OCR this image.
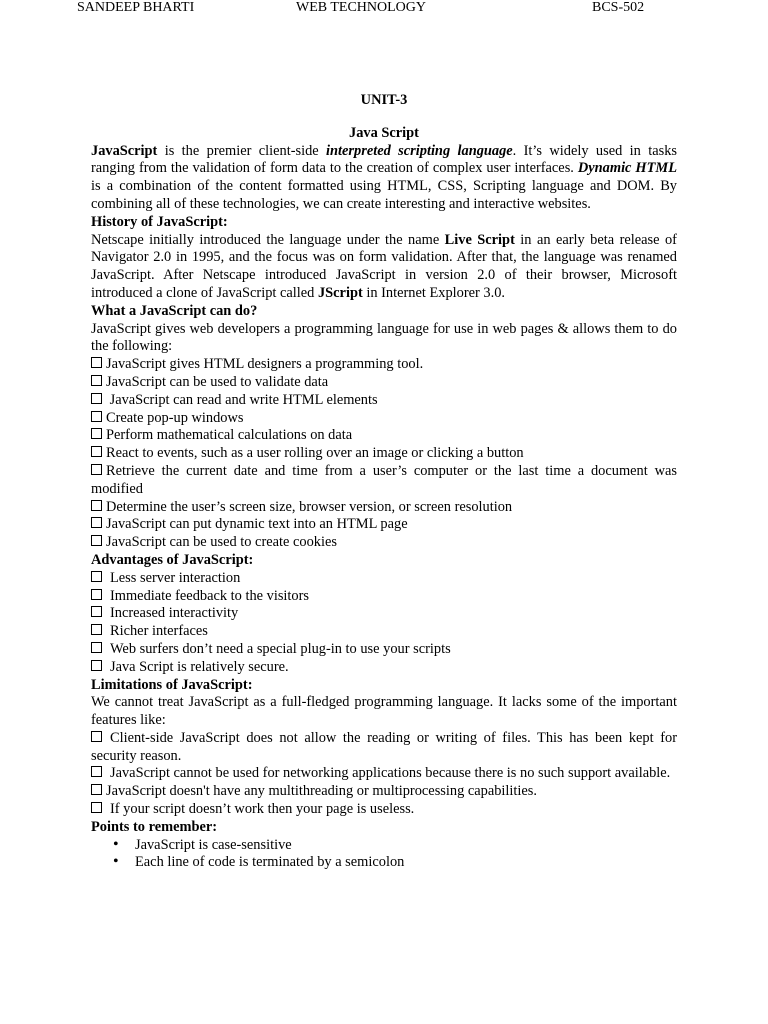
SANDEEP BHARTI	WEB TECHNOLOGY	BCS-502
UNIT-3
Java Script

JavaScript is the premier client-side interpreted scripting language. It’s widely used in tasks ranging from the validation of form data to the creation of complex user interfaces. Dynamic HTML is a combination of the content formatted using HTML, CSS, Scripting language and DOM. By combining all of these technologies, we can create interesting and interactive websites.

History of JavaScript:

Netscape initially introduced the language under the name Live Script in an early beta release of Navigator 2.0 in 1995, and the focus was on form validation. After that, the language was renamed JavaScript. After Netscape introduced JavaScript in version 2.0 of their browser, Microsoft introduced a clone of JavaScript called JScript in Internet Explorer 3.0.

What a JavaScript can do?

JavaScript gives web developers a programming language for use in web pages & allows them to do the following:

JavaScript gives HTML designers a programming tool.

JavaScript can be used to validate data

JavaScript can read and write HTML elements

Create pop-up windows

Perform mathematical calculations on data

React to events, such as a user rolling over an image or clicking a button

Retrieve the current date and time from a user’s computer or the last time a document was modified

Determine the user’s screen size, browser version, or screen resolution

JavaScript can put dynamic text into an HTML page

JavaScript can be used to create cookies

Advantages of JavaScript:

Less server interaction

Immediate feedback to the visitors

Increased interactivity

Richer interfaces

Web surfers don’t need a special plug-in to use your scripts

Java Script is relatively secure.

Limitations of JavaScript:

We cannot treat JavaScript as a full-fledged programming language. It lacks some of the important features like:

Client-side JavaScript does not allow the reading or writing of files. This has been kept for security reason.

JavaScript cannot be used for networking applications because there is no such support available.

JavaScript doesn't have any multithreading or multiprocessing capabilities.

If your script doesn’t work then your page is useless.

Points to remember:
• JavaScript is case-sensitive
• Each line of code is terminated by a semicolon
